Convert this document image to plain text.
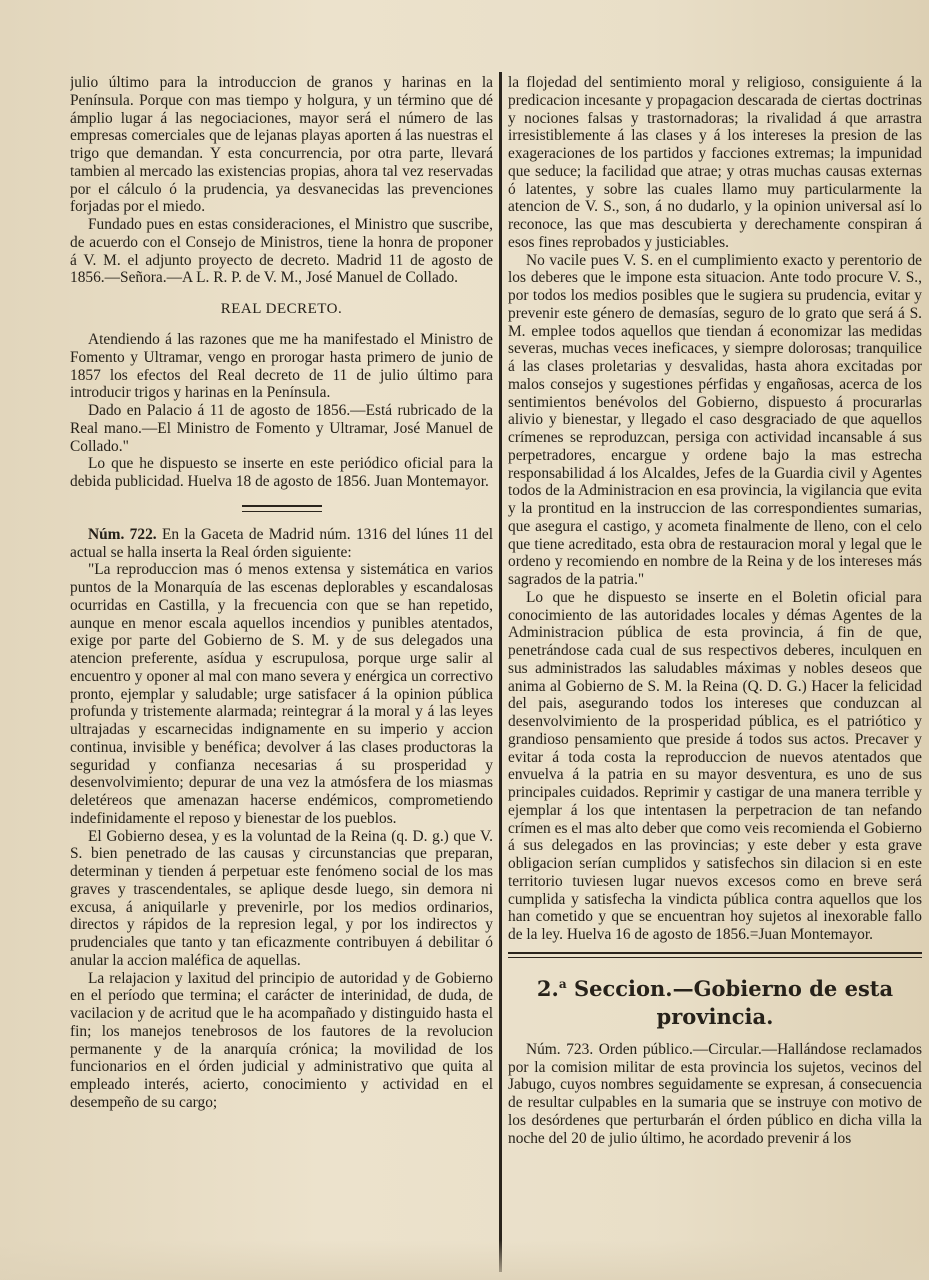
julio último para la introduccion de granos y harinas en la Península. Porque con mas tiempo y holgura, y un término que dé ámplio lugar á las negociaciones, mayor será el número de las empresas comerciales que de lejanas playas aporten á las nuestras el trigo que demandan. Y esta concurrencia, por otra parte, llevará tambien al mercado las existencias propias, ahora tal vez reservadas por el cálculo ó la prudencia, ya desvanecidas las prevenciones forjadas por el miedo.

Fundado pues en estas consideraciones, el Ministro que suscribe, de acuerdo con el Consejo de Ministros, tiene la honra de proponer á V. M. el adjunto proyecto de decreto. Madrid 11 de agosto de 1856.—Señora.—A L. R. P. de V. M., José Manuel de Collado.

REAL DECRETO.

Atendiendo á las razones que me ha manifestado el Ministro de Fomento y Ultramar, vengo en prorogar hasta primero de junio de 1857 los efectos del Real decreto de 11 de julio último para introducir trigos y harinas en la Península.

Dado en Palacio á 11 de agosto de 1856.—Está rubricado de la Real mano.—El Ministro de Fomento y Ultramar, José Manuel de Collado."

Lo que he dispuesto se inserte en este periódico oficial para la debida publicidad. Huelva 18 de agosto de 1856. Juan Montemayor.

Núm. 722. En la Gaceta de Madrid núm. 1316 del lúnes 11 del actual se halla inserta la Real órden siguiente:

"La reproduccion mas ó menos extensa y sistemática en varios puntos de la Monarquía de las escenas deplorables y escandalosas ocurridas en Castilla, y la frecuencia con que se han repetido, aunque en menor escala aquellos incendios y punibles atentados, exige por parte del Gobierno de S. M. y de sus delegados una atencion preferente, asídua y escrupulosa, porque urge salir al encuentro y oponer al mal con mano severa y enérgica un correctivo pronto, ejemplar y saludable; urge satisfacer á la opinion pública profunda y tristemente alarmada; reintegrar á la moral y á las leyes ultrajadas y escarnecidas indignamente en su imperio y accion continua, invisible y benéfica; devolver á las clases productoras la seguridad y confianza necesarias á su prosperidad y desenvolvimiento; depurar de una vez la atmósfera de los miasmas deletéreos que amenazan hacerse endémicos, comprometiendo indefinidamente el reposo y bienestar de los pueblos.

El Gobierno desea, y es la voluntad de la Reina (q. D. g.) que V. S. bien penetrado de las causas y circunstancias que preparan, determinan y tienden á perpetuar este fenómeno social de los mas graves y trascendentales, se aplique desde luego, sin demora ni excusa, á aniquilarle y prevenirle, por los medios ordinarios, directos y rápidos de la represion legal, y por los indirectos y prudenciales que tanto y tan eficazmente contribuyen á debilitar ó anular la accion maléfica de aquellas.

La relajacion y laxitud del principio de autoridad y de Gobierno en el período que termina; el carácter de interinidad, de duda, de vacilacion y de acritud que le ha acompañado y distinguido hasta el fin; los manejos tenebrosos de los fautores de la revolucion permanente y de la anarquía crónica; la movilidad de los funcionarios en el órden judicial y administrativo que quita al empleado interés, acierto, conocimiento y actividad en el desempeño de su cargo;

la flojedad del sentimiento moral y religioso, consiguiente á la predicacion incesante y propagacion descarada de ciertas doctrinas y nociones falsas y trastornadoras; la rivalidad á que arrastra irresistiblemente á las clases y á los intereses la presion de las exageraciones de los partidos y facciones extremas; la impunidad que seduce; la facilidad que atrae; y otras muchas causas externas ó latentes, y sobre las cuales llamo muy particularmente la atencion de V. S., son, á no dudarlo, y la opinion universal así lo reconoce, las que mas descubierta y derechamente conspiran á esos fines reprobados y justiciables.

No vacile pues V. S. en el cumplimiento exacto y perentorio de los deberes que le impone esta situacion. Ante todo procure V. S., por todos los medios posibles que le sugiera su prudencia, evitar y prevenir este género de demasías, seguro de lo grato que será á S. M. emplee todos aquellos que tiendan á economizar las medidas severas, muchas veces ineficaces, y siempre dolorosas; tranquilice á las clases proletarias y desvalidas, hasta ahora excitadas por malos consejos y sugestiones pérfidas y engañosas, acerca de los sentimientos benévolos del Gobierno, dispuesto á procurarlas alivio y bienestar, y llegado el caso desgraciado de que aquellos crímenes se reproduzcan, persiga con actividad incansable á sus perpetradores, encargue y ordene bajo la mas estrecha responsabilidad á los Alcaldes, Jefes de la Guardia civil y Agentes todos de la Administracion en esa provincia, la vigilancia que evita y la prontitud en la instruccion de las correspondientes sumarias, que asegura el castigo, y acometa finalmente de lleno, con el celo que tiene acreditado, esta obra de restauracion moral y legal que le ordeno y recomiendo en nombre de la Reina y de los intereses más sagrados de la patria."

Lo que he dispuesto se inserte en el Boletin oficial para conocimiento de las autoridades locales y démas Agentes de la Administracion pública de esta provincia, á fin de que, penetrándose cada cual de sus respectivos deberes, inculquen en sus administrados las saludables máximas y nobles deseos que anima al Gobierno de S. M. la Reina (Q. D. G.) Hacer la felicidad del pais, asegurando todos los intereses que conduzcan al desenvolvimiento de la prosperidad pública, es el patriótico y grandioso pensamiento que preside á todos sus actos. Precaver y evitar á toda costa la reproduccion de nuevos atentados que envuelva á la patria en su mayor desventura, es uno de sus principales cuidados. Reprimir y castigar de una manera terrible y ejemplar á los que intentasen la perpetracion de tan nefando crímen es el mas alto deber que como veis recomienda el Gobierno á sus delegados en las provincias; y este deber y esta grave obligacion serían cumplidos y satisfechos sin dilacion si en este territorio tuviesen lugar nuevos excesos como en breve será cumplida y satisfecha la vindicta pública contra aquellos que los han cometido y que se encuentran hoy sujetos al inexorable fallo de la ley. Huelva 16 de agosto de 1856.=Juan Montemayor.

2.$^a$ Seccion.—Gobierno de esta provincia.

Núm. 723. Orden público.—Circular.—Hallándose reclamados por la comision militar de esta provincia los sujetos, vecinos del Jabugo, cuyos nombres seguidamente se expresan, á consecuencia de resultar culpables en la sumaria que se instruye con motivo de los desórdenes que perturbarán el órden público en dicha villa la noche del 20 de julio último, he acordado prevenir á los
